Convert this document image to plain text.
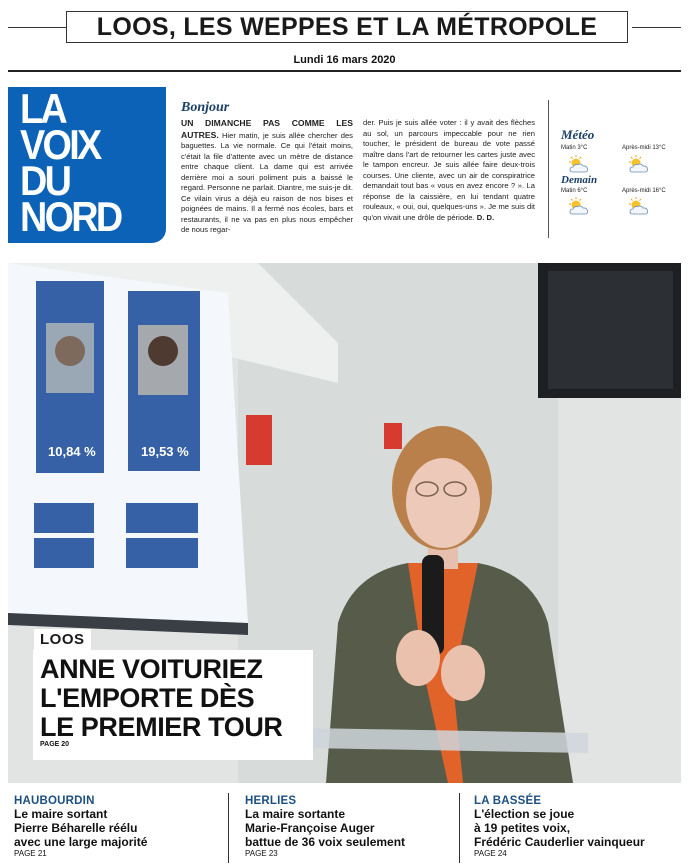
LOOS, LES WEPPES ET LA MÉTROPOLE
Lundi 16 mars 2020
LA
VOIX
DU
NORD
Bonjour
UN DIMANCHE PAS COMME LES AUTRES. Hier matin, je suis allée chercher des baguettes. La vie normale. Ce qui l'était moins, c'était la file d'attente avec un mètre de distance entre chaque client. La dame qui est arrivée derrière moi a souri poliment puis a baissé le regard. Personne ne parlait. Diantre, me suis-je dit. Ce vilain virus a déjà eu raison de nos bises et poignées de mains. Il a fermé nos écoles, bars et restaurants, il ne va pas en plus nous empêcher de nous regar-
der. Puis je suis allée voter : il y avait des flèches au sol, un parcours impeccable pour ne rien toucher, le président de bureau de vote passé maître dans l'art de retourner les cartes juste avec le tampon encreur. Je suis allée faire deux-trois courses. Une cliente, avec un air de conspiratrice demandait tout bas « vous en avez encore ? ». La réponse de la caissière, en lui tendant quatre rouleaux, « oui, oui, quelques-uns ». Je me suis dit qu'on vivait une drôle de période. D. D.
Météo
Matin 3°C	Après-midi 13°C
Demain
Matin 6°C	Après-midi 16°C
10,84 %	19,53 %
LOOS
ANNE VOITURIEZ
L'EMPORTE DÈS
LE PREMIER TOUR
PAGE 20
HAUBOURDIN
Le maire sortant
Pierre Béharelle réélu
avec une large majorité
PAGE 21
HERLIES
La maire sortante
Marie-Françoise Auger
battue de 36 voix seulement
PAGE 23
LA BASSÉE
L'élection se joue
à 19 petites voix,
Frédéric Cauderlier vainqueur
PAGE 24
